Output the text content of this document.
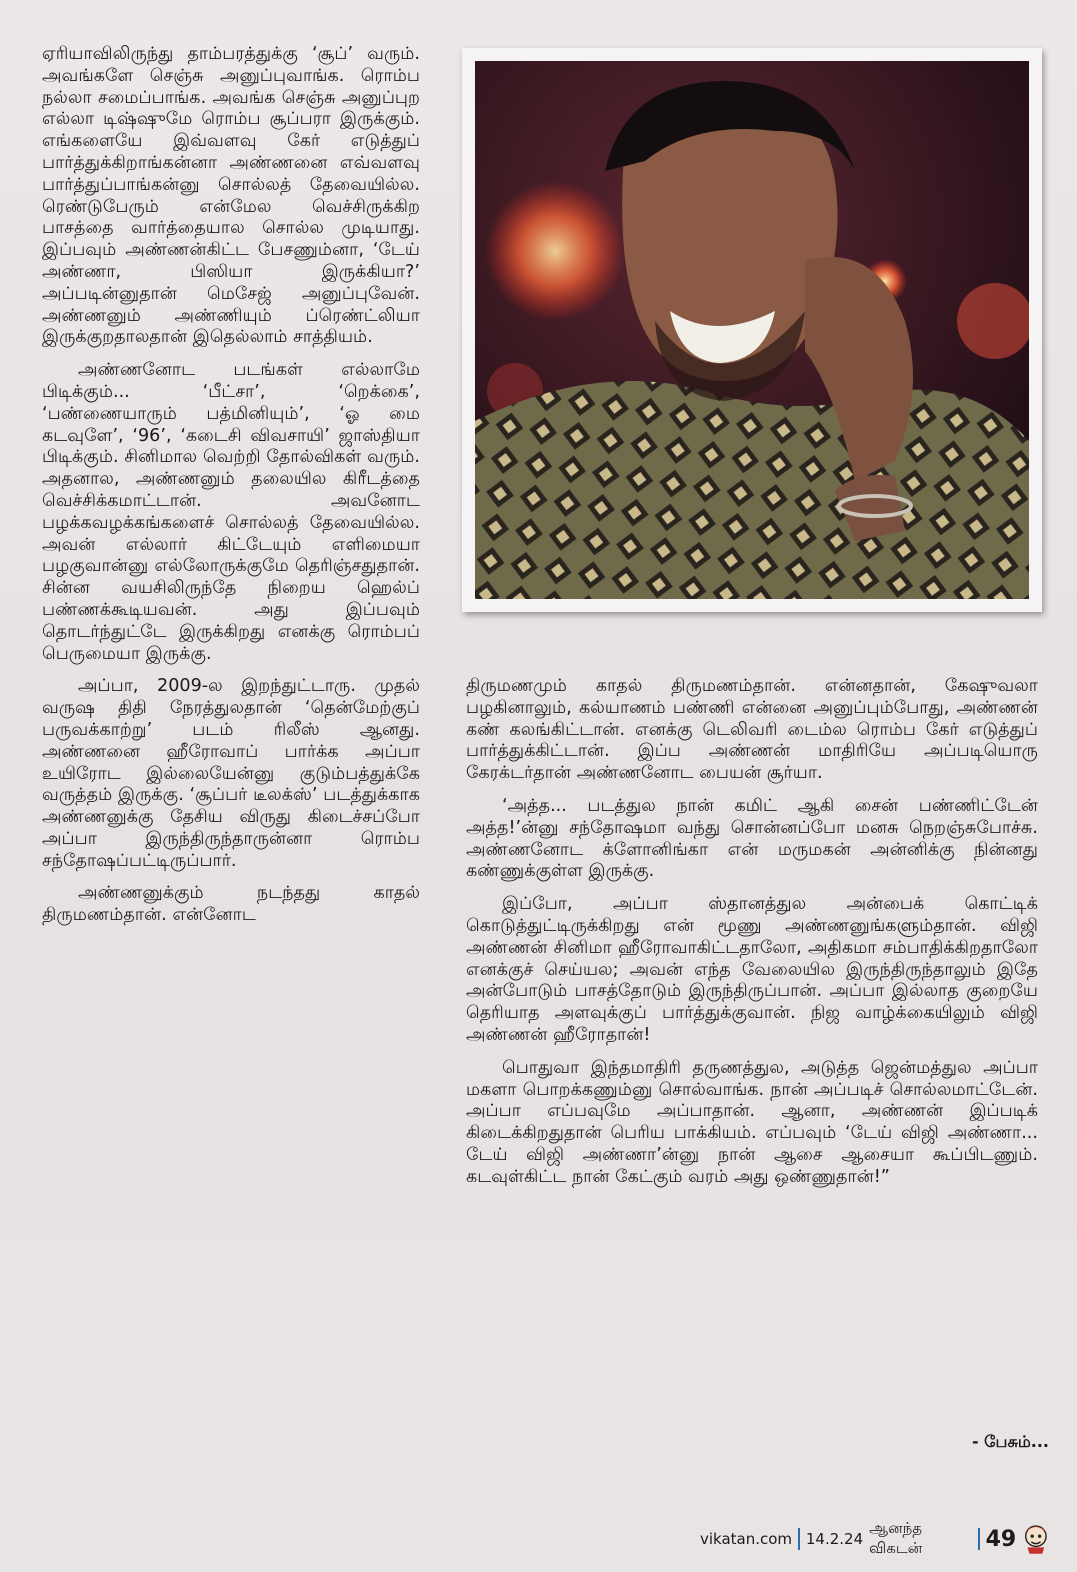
ஏரியாவிலிருந்து தாம்பரத்துக்கு ‘சூப்’ வரும். அவங்களே செஞ்சு அனுப்புவாங்க. ரொம்ப நல்லா சமைப்பாங்க. அவங்க செஞ்சு அனுப்புற எல்லா டிஷ்ஷுமே ரொம்ப சூப்பரா இருக்கும். எங்களையே இவ்வளவு கேர் எடுத்துப் பார்த்துக்கிறாங்கன்னா அண்ணனை எவ்வளவு பார்த்துப்பாங்கன்னு சொல்லத் தேவையில்ல. ரெண்டுபேரும் என்மேல வெச்சிருக்கிற பாசத்தை வார்த்தையால சொல்ல முடியாது. இப்பவும் அண்ணன்கிட்ட பேசணும்னா, ‘டேய் அண்ணா, பிஸியா இருக்கியா?’ அப்படின்னுதான் மெசேஜ் அனுப்புவேன். அண்ணனும் அண்ணியும் ப்ரெண்ட்லியா இருக்குறதாலதான் இதெல்லாம் சாத்தியம்.

அண்ணனோட படங்கள் எல்லாமே பிடிக்கும்... ‘பீட்சா’, ‘றெக்கை’, ‘பண்ணையாரும் பத்மினியும்’, ‘ஓ மை கடவுளே’, ‘96’, ‘கடைசி விவசாயி’ ஜாஸ்தியா பிடிக்கும். சினிமால வெற்றி தோல்விகள் வரும். அதனால, அண்ணனும் தலையில கிரீடத்தை வெச்சிக்கமாட்டான். அவனோட பழக்கவழக்கங்களைச் சொல்லத் தேவையில்ல. அவன் எல்லார் கிட்டேயும் எளிமையா பழகுவான்னு எல்லோருக்குமே தெரிஞ்சதுதான். சின்ன வயசிலிருந்தே நிறைய ஹெல்ப் பண்ணக்கூடியவன். அது இப்பவும் தொடர்ந்துட்டே இருக்கிறது எனக்கு ரொம்பப் பெருமையா இருக்கு.

அப்பா, 2009-ல இறந்துட்டாரு. முதல் வருஷ திதி நேரத்துலதான் ‘தென்மேற்குப் பருவக்காற்று’ படம் ரிலீஸ் ஆனது. அண்ணனை ஹீரோவாப் பார்க்க அப்பா உயிரோட இல்லையேன்னு குடும்பத்துக்கே வருத்தம் இருக்கு. ‘சூப்பர் டீலக்ஸ்’ படத்துக்காக அண்ணனுக்கு தேசிய விருது கிடைச்சப்போ அப்பா இருந்திருந்தாருன்னா ரொம்ப சந்தோஷப்பட்டிருப்பார்.

அண்ணனுக்கும் நடந்தது காதல் திருமணம்தான். என்னோட

திருமணமும் காதல் திருமணம்தான். என்னதான், கேஷுவலா பழகினாலும், கல்யாணம் பண்ணி என்னை அனுப்பும்போது, அண்ணன் கண் கலங்கிட்டான். எனக்கு டெலிவரி டைம்ல ரொம்ப கேர் எடுத்துப் பார்த்துக்கிட்டான். இப்ப அண்ணன் மாதிரியே அப்படியொரு கேரக்டர்தான் அண்ணனோட பையன் சூர்யா.

‘அத்த... படத்துல நான் கமிட் ஆகி சைன் பண்ணிட்டேன் அத்த!’ன்னு சந்தோஷமா வந்து சொன்னப்போ மனசு நெறஞ்சுபோச்சு. அண்ணனோட க்ளோனிங்கா என் மருமகன் அன்னிக்கு நின்னது கண்ணுக்குள்ள இருக்கு.

இப்போ, அப்பா ஸ்தானத்துல அன்பைக் கொட்டிக் கொடுத்துட்டிருக்கிறது என் மூணு அண்ணனுங்களும்தான். விஜி அண்ணன் சினிமா ஹீரோவாகிட்டதாலோ, அதிகமா சம்பாதிக்கிறதாலோ எனக்குச் செய்யல; அவன் எந்த வேலையில இருந்திருந்தாலும் இதே அன்போடும் பாசத்தோடும் இருந்திருப்பான். அப்பா இல்லாத குறையே தெரியாத அளவுக்குப் பார்த்துக்குவான். நிஜ வாழ்க்கையிலும் விஜி அண்ணன் ஹீரோதான்!

பொதுவா இந்தமாதிரி தருணத்துல, அடுத்த ஜென்மத்துல அப்பா மகளா பொறக்கணும்னு சொல்வாங்க. நான் அப்படிச் சொல்லமாட்டேன். அப்பா எப்பவுமே அப்பாதான். ஆனா, அண்ணன் இப்படிக் கிடைக்கிறதுதான் பெரிய பாக்கியம். எப்பவும் ‘டேய் விஜி அண்ணா... டேய் விஜி அண்ணா’ன்னு நான் ஆசை ஆசையா கூப்பிடணும். கடவுள்கிட்ட நான் கேட்கும் வரம் அது ஒண்ணுதான்!”

- பேசும்...
vikatan.com 14.2.24
ஆனந்த விகடன்	49
